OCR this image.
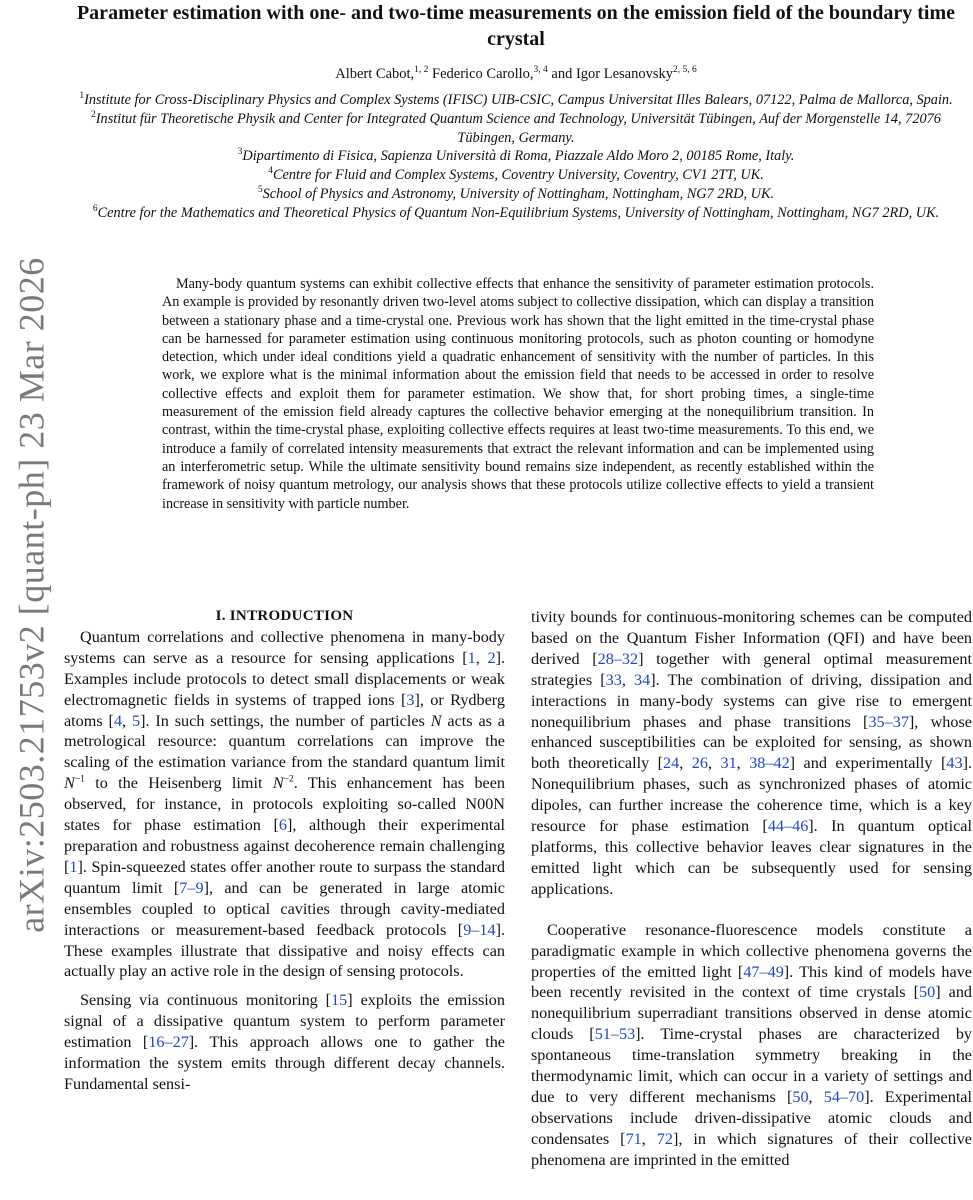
arXiv:2503.21753v2 [quant-ph] 23 Mar 2026
Parameter estimation with one- and two-time measurements on the emission field of the boundary time crystal
Albert Cabot,$^{1, 2}$ Federico Carollo,$^{3, 4}$ and Igor Lesanovsky$^{2, 5, 6}$
$^1$Institute for Cross-Disciplinary Physics and Complex Systems (IFISC) UIB-CSIC, Campus Universitat Illes Balears, 07122, Palma de Mallorca, Spain.
$^2$Institut für Theoretische Physik and Center for Integrated Quantum Science and Technology, Universität Tübingen, Auf der Morgenstelle 14, 72076 Tübingen, Germany.
$^3$Dipartimento di Fisica, Sapienza Università di Roma, Piazzale Aldo Moro 2, 00185 Rome, Italy.
$^4$Centre for Fluid and Complex Systems, Coventry University, Coventry, CV1 2TT, UK.
$^5$School of Physics and Astronomy, University of Nottingham, Nottingham, NG7 2RD, UK.
$^6$Centre for the Mathematics and Theoretical Physics of Quantum Non-Equilibrium Systems, University of Nottingham, Nottingham, NG7 2RD, UK.

Many-body quantum systems can exhibit collective effects that enhance the sensitivity of parameter estimation protocols. An example is provided by resonantly driven two-level atoms subject to collective dissipation, which can display a transition between a stationary phase and a time-crystal one. Previous work has shown that the light emitted in the time-crystal phase can be harnessed for parameter estimation using continuous monitoring protocols, such as photon counting or homodyne detection, which under ideal conditions yield a quadratic enhancement of sensitivity with the number of particles. In this work, we explore what is the minimal information about the emission field that needs to be accessed in order to resolve collective effects and exploit them for parameter estimation. We show that, for short probing times, a single-time measurement of the emission field already captures the collective behavior emerging at the nonequilibrium transition. In contrast, within the time-crystal phase, exploiting collective effects requires at least two-time measurements. To this end, we introduce a family of correlated intensity measurements that extract the relevant information and can be implemented using an interferometric setup. While the ultimate sensitivity bound remains size independent, as recently established within the framework of noisy quantum metrology, our analysis shows that these protocols utilize collective effects to yield a transient increase in sensitivity with particle number.

I. INTRODUCTION

Quantum correlations and collective phenomena in many-body systems can serve as a resource for sensing applications [1, 2]. Examples include protocols to detect small displacements or weak electromagnetic fields in systems of trapped ions [3], or Rydberg atoms [4, 5]. In such settings, the number of particles N acts as a metrological resource: quantum correlations can improve the scaling of the estimation variance from the standard quantum limit $N^{-1}$ to the Heisenberg limit $N^{-2}$. This enhancement has been observed, for instance, in protocols exploiting so-called N00N states for phase estimation [6], although their experimental preparation and robustness against decoherence remain challenging [1]. Spin-squeezed states offer another route to surpass the standard quantum limit [7–9], and can be generated in large atomic ensembles coupled to optical cavities through cavity-mediated interactions or measurement-based feedback protocols [9–14]. These examples illustrate that dissipative and noisy effects can actually play an active role in the design of sensing protocols.

Sensing via continuous monitoring [15] exploits the emission signal of a dissipative quantum system to perform parameter estimation [16–27]. This approach allows one to gather the information the system emits through different decay channels. Fundamental sensi-

tivity bounds for continuous-monitoring schemes can be computed based on the Quantum Fisher Information (QFI) and have been derived [28–32] together with general optimal measurement strategies [33, 34]. The combination of driving, dissipation and interactions in many-body systems can give rise to emergent nonequilibrium phases and phase transitions [35–37], whose enhanced susceptibilities can be exploited for sensing, as shown both theoretically [24, 26, 31, 38–42] and experimentally [43]. Nonequilibrium phases, such as synchronized phases of atomic dipoles, can further increase the coherence time, which is a key resource for phase estimation [44–46]. In quantum optical platforms, this collective behavior leaves clear signatures in the emitted light which can be subsequently used for sensing applications.

Cooperative resonance-fluorescence models constitute a paradigmatic example in which collective phenomena governs the properties of the emitted light [47–49]. This kind of models have been recently revisited in the context of time crystals [50] and nonequilibrium superradiant transitions observed in dense atomic clouds [51–53]. Time-crystal phases are characterized by spontaneous time-translation symmetry breaking in the thermodynamic limit, which can occur in a variety of settings and due to very different mechanisms [50, 54–70]. Experimental observations include driven-dissipative atomic clouds and condensates [71, 72], in which signatures of their collective phenomena are imprinted in the emitted
